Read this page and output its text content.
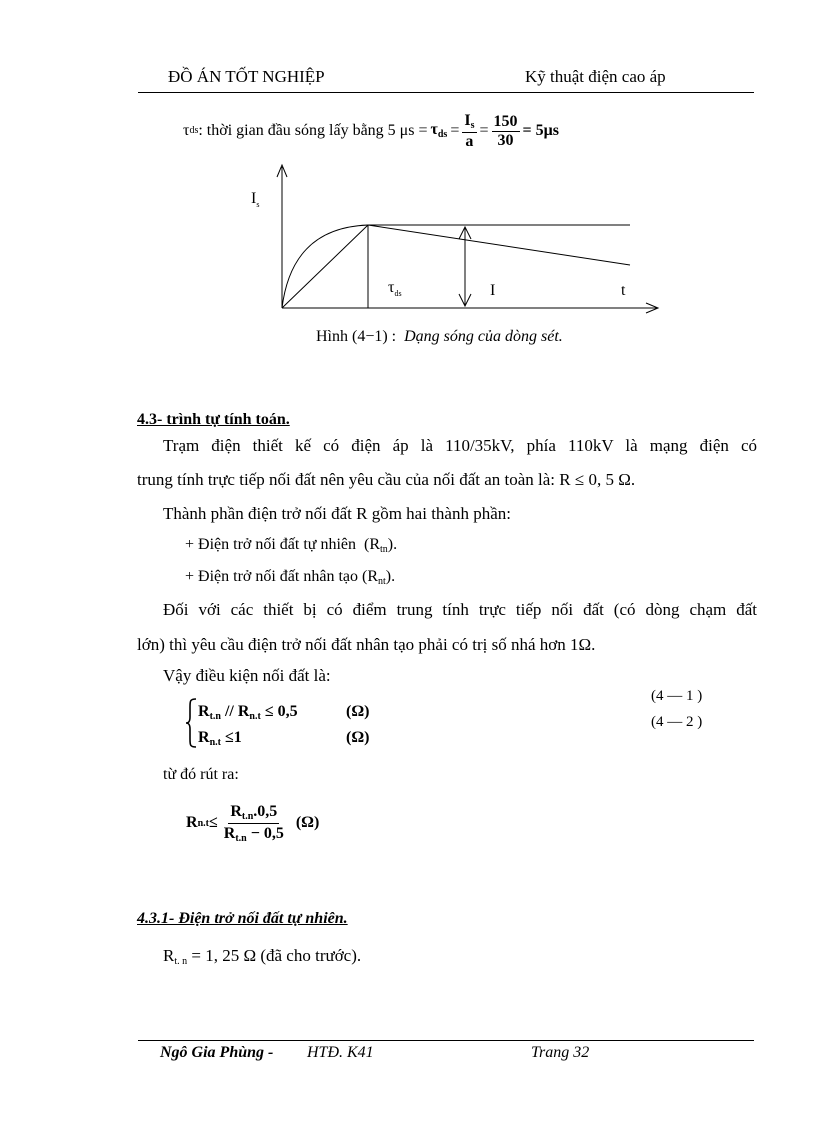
ĐỒ ÁN TỐT NGHIỆP	Kỹ thuật điện cao áp
τ ds : thời gian đầu sóng lấy bằng 5 $\mu s = \tau_{ds} = \frac{I_s}{a} = \frac{150}{30} = 5\mu s$
$I_s$
$\tau_{ds}$	I	t
Hình (4−1) : Dạng sóng của dòng sét.
4.3- trình tự tính toán.
Trạm điện thiết kế có điện áp là 110/35kV, phía 110kV là mạng điện có
trung tính trực tiếp nối đất nên yêu cầu của nối đất an toàn là: R ≤ 0, 5 Ω.
Thành phần điện trở nối đất R gồm hai thành phần:
+ Điện trở nối đất tự nhiên $(R_{tn})$.
+ Điện trở nối đất nhân tạo $(R_{nt})$.
Đối với các thiết bị có điểm trung tính trực tiếp nối đất (có dòng chạm đất
lớn) thì yêu cầu điện trở nối đất nhân tạo phải có trị số nhá hơn 1Ω.
Vậy điều kiện nối đất là:
$R_{t.n} // R_{n.t} \le 0,5$	(Ω)
$R_{n.t} \le 1$	(Ω)
(4 — 1 )
(4 — 2 )
từ đó rút ra:
R $n.t \le \frac{R_{t.n}.0,5}{R_{t.n} - 0,5} (\Omega)$
4.3.1- Điện trở nối đất tự nhiên.
$R_{t. n} = 1$, 25 Ω (đã cho trước).
Ngô Gia Phùng - HTĐ. K41	Trang 32
